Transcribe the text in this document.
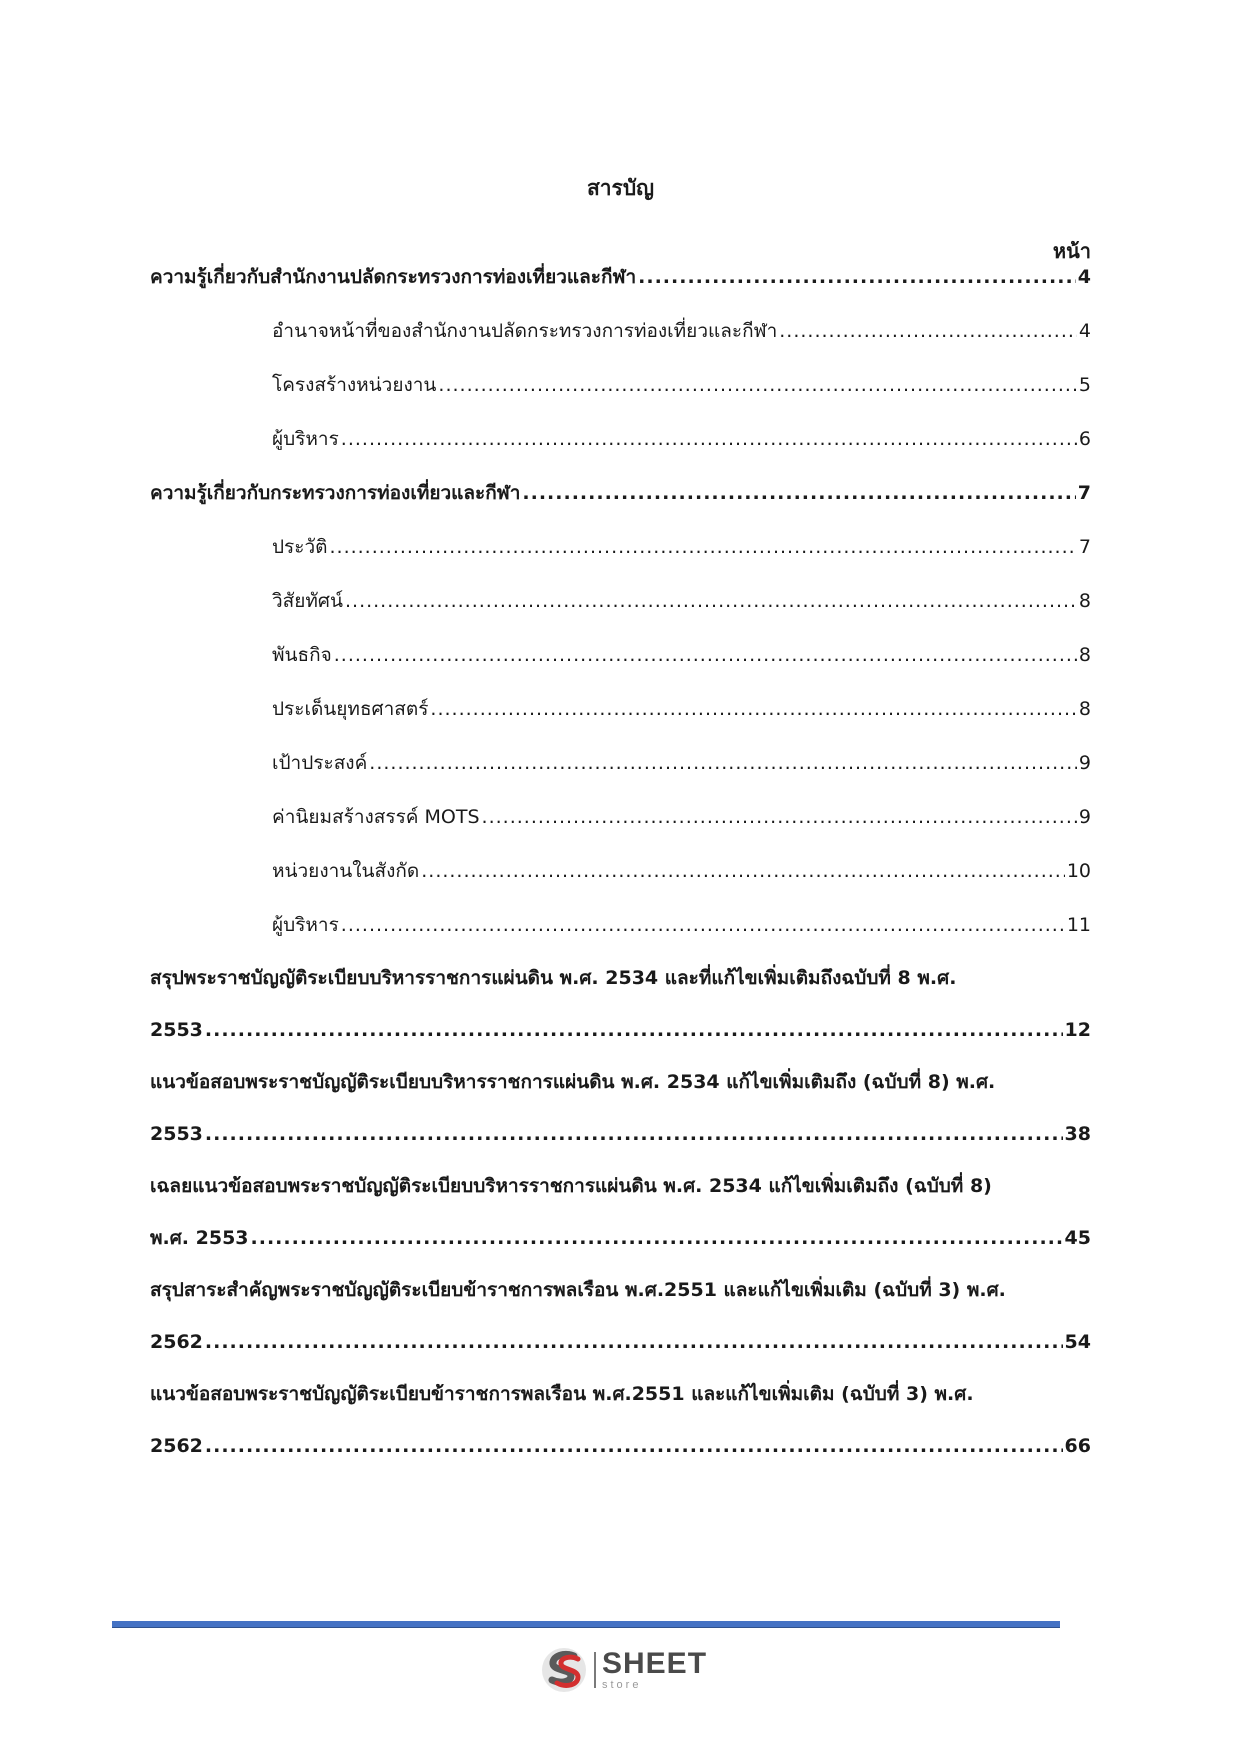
สารบัญ
หน้า
ความรู้เกี่ยวกับสำนักงานปลัดกระทรวงการท่องเที่ยวและกีฬา .....	4
อำนาจหน้าที่ของสำนักงานปลัดกระทรวงการท่องเที่ยวและกีฬา .....	4
โครงสร้างหน่วยงาน .....	5
ผู้บริหาร .....	6
ความรู้เกี่ยวกับกระทรวงการท่องเที่ยวและกีฬา .....	7
ประวัติ .....	7
วิสัยทัศน์ .....	8
พันธกิจ .....	8
ประเด็นยุทธศาสตร์ .....	8
เป้าประสงค์ .....	9
ค่านิยมสร้างสรรค์ MOTS .....	9
หน่วยงานในสังกัด .....	10
ผู้บริหาร .....	11
สรุปพระราชบัญญัติระเบียบบริหารราชการแผ่นดิน พ.ศ. 2534 และที่แก้ไขเพิ่มเติมถึงฉบับที่ 8 พ.ศ.
2553 .....	12
แนวข้อสอบพระราชบัญญัติระเบียบบริหารราชการแผ่นดิน พ.ศ. 2534 แก้ไขเพิ่มเติมถึง (ฉบับที่ 8) พ.ศ.
2553 .....	38
เฉลยแนวข้อสอบพระราชบัญญัติระเบียบบริหารราชการแผ่นดิน พ.ศ. 2534 แก้ไขเพิ่มเติมถึง (ฉบับที่ 8)
พ.ศ. 2553 .....	45
สรุปสาระสำคัญพระราชบัญญัติระเบียบข้าราชการพลเรือน พ.ศ.2551 และแก้ไขเพิ่มเติม (ฉบับที่ 3) พ.ศ.
2562 .....	54
แนวข้อสอบพระราชบัญญัติระเบียบข้าราชการพลเรือน พ.ศ.2551 และแก้ไขเพิ่มเติม (ฉบับที่ 3) พ.ศ.
2562 .....	66
SHEET
store
